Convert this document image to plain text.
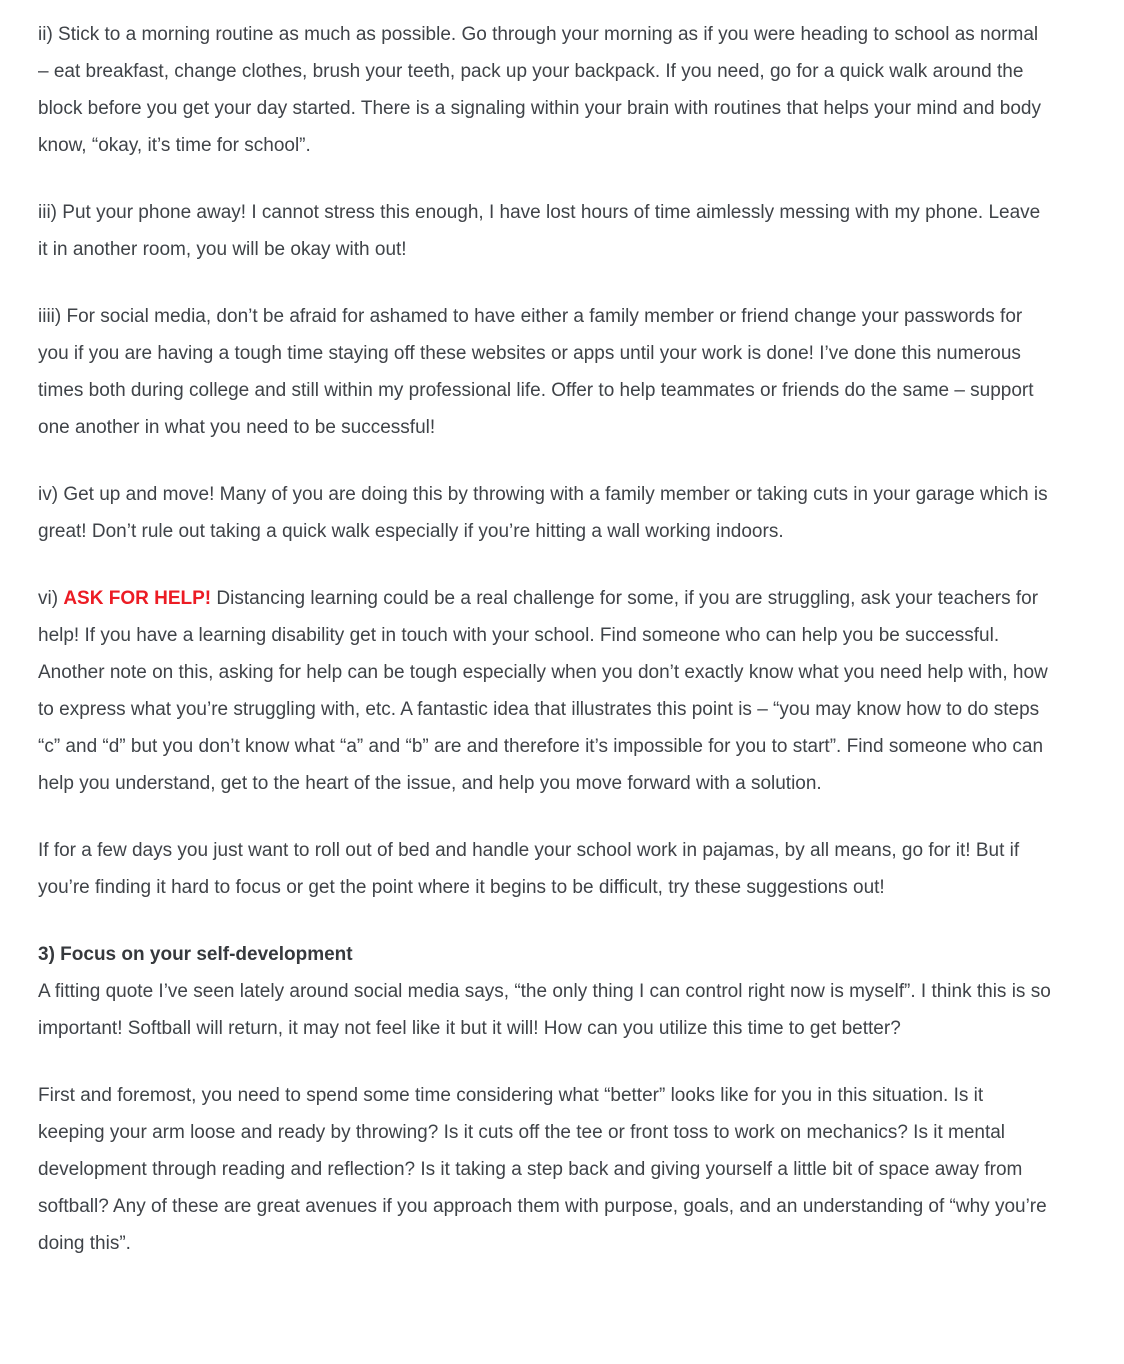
ii) Stick to a morning routine as much as possible. Go through your morning as if you were heading to school as normal – eat breakfast, change clothes, brush your teeth, pack up your backpack. If you need, go for a quick walk around the block before you get your day started. There is a signaling within your brain with routines that helps your mind and body know, “okay, it’s time for school”.

iii) Put your phone away! I cannot stress this enough, I have lost hours of time aimlessly messing with my phone. Leave it in another room, you will be okay with out!

iiii) For social media, don’t be afraid for ashamed to have either a family member or friend change your passwords for you if you are having a tough time staying off these websites or apps until your work is done! I’ve done this numerous times both during college and still within my professional life. Offer to help teammates or friends do the same – support one another in what you need to be successful!

iv) Get up and move! Many of you are doing this by throwing with a family member or taking cuts in your garage which is great! Don’t rule out taking a quick walk especially if you’re hitting a wall working indoors.

vi) ASK FOR HELP! Distancing learning could be a real challenge for some, if you are struggling, ask your teachers for help! If you have a learning disability get in touch with your school. Find someone who can help you be successful. Another note on this, asking for help can be tough especially when you don’t exactly know what you need help with, how to express what you’re struggling with, etc. A fantastic idea that illustrates this point is – “you may know how to do steps “c” and “d” but you don’t know what “a” and “b” are and therefore it’s impossible for you to start”. Find someone who can help you understand, get to the heart of the issue, and help you move forward with a solution.

If for a few days you just want to roll out of bed and handle your school work in pajamas, by all means, go for it! But if you’re finding it hard to focus or get the point where it begins to be difficult, try these suggestions out!

3) Focus on your self-development
A fitting quote I’ve seen lately around social media says, “the only thing I can control right now is myself”. I think this is so important! Softball will return, it may not feel like it but it will! How can you utilize this time to get better?

First and foremost, you need to spend some time considering what “better” looks like for you in this situation. Is it keeping your arm loose and ready by throwing? Is it cuts off the tee or front toss to work on mechanics? Is it mental development through reading and reflection? Is it taking a step back and giving yourself a little bit of space away from softball? Any of these are great avenues if you approach them with purpose, goals, and an understanding of “why you’re doing this”.
